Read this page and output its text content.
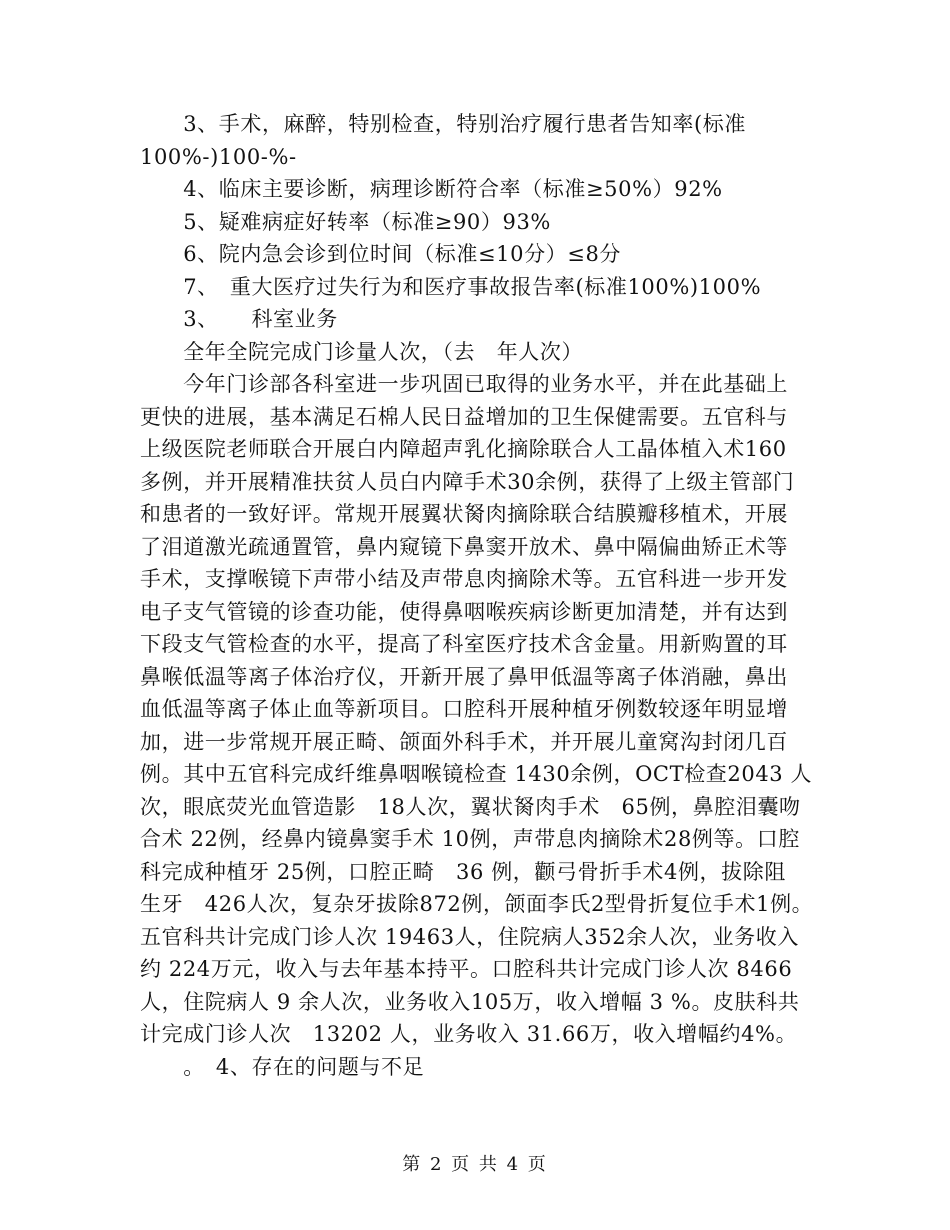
　　3、手术，麻醉，特别检查，特别治疗履行患者告知率(标准
100%-)100-%-
　　4、临床主要诊断，病理诊断符合率（标准≥50%）92%
　　5、疑难病症好转率（标准≥90）93%
　　6、院内急会诊到位时间（标准≤10分）≤8分
　　7、　重大医疗过失行为和医疗事故报告率(标准100%)100%
　　3、　　科室业务
　　全年全院完成门诊量人次，（去　年人次）
　　今年门诊部各科室进一步巩固已取得的业务水平，并在此基础上
更快的进展，基本满足石棉人民日益增加的卫生保健需要。五官科与
上级医院老师联合开展白内障超声乳化摘除联合人工晶体植入术160
多例，并开展精准扶贫人员白内障手术30余例，获得了上级主管部门
和患者的一致好评。常规开展翼状胬肉摘除联合结膜瓣移植术，开展
了泪道激光疏通置管，鼻内窥镜下鼻窦开放术、鼻中隔偏曲矫正术等
手术，支撑喉镜下声带小结及声带息肉摘除术等。五官科进一步开发
电子支气管镜的诊查功能，使得鼻咽喉疾病诊断更加清楚，并有达到
下段支气管检查的水平，提高了科室医疗技术含金量。用新购置的耳
鼻喉低温等离子体治疗仪，开新开展了鼻甲低温等离子体消融，鼻出
血低温等离子体止血等新项目。口腔科开展种植牙例数较逐年明显增
加，进一步常规开展正畸、颌面外科手术，并开展儿童窝沟封闭几百
例。其中五官科完成纤维鼻咽喉镜检查 1430余例，OCT检查2043 人
次，眼底荧光血管造影　18人次，翼状胬肉手术　65例，鼻腔泪囊吻
合术 22例，经鼻内镜鼻窦手术 10例，声带息肉摘除术28例等。口腔
科完成种植牙 25例，口腔正畸　36 例，颧弓骨折手术4例，拔除阻
生牙　426人次，复杂牙拔除872例，颌面李氏2型骨折复位手术1例。
五官科共计完成门诊人次 19463人，住院病人352余人次，业务收入
约 224万元，收入与去年基本持平。口腔科共计完成门诊人次 8466
人，住院病人 9 余人次，业务收入105万，收入增幅 3 %。皮肤科共
计完成门诊人次　13202 人，业务收入 31.66万，收入增幅约4%。
　　。　4、存在的问题与不足
第 2 页 共 4 页
